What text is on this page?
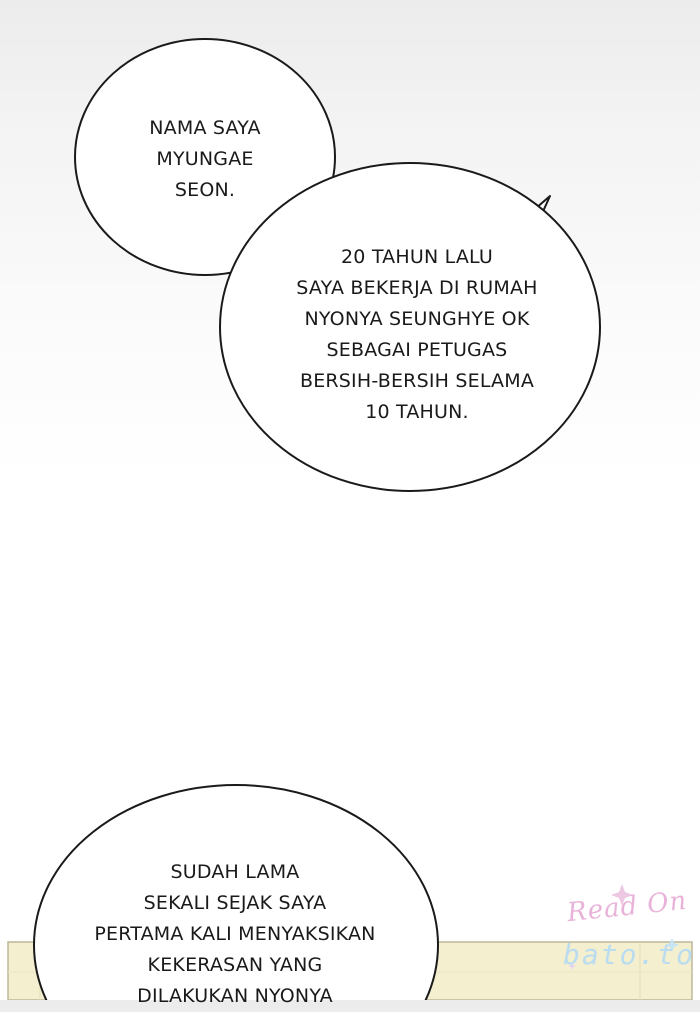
NAMA SAYA
MYUNGAE
SEON.
20 TAHUN LALU
SAYA BEKERJA DI RUMAH
NYONYA SEUNGHYE OK
SEBAGAI PETUGAS
BERSIH-BERSIH SELAMA
10 TAHUN.
SUDAH LAMA
SEKALI SEJAK SAYA
PERTAMA KALI MENYAKSIKAN
KEKERASAN YANG
DILAKUKAN NYONYA
Read On
bato.to
